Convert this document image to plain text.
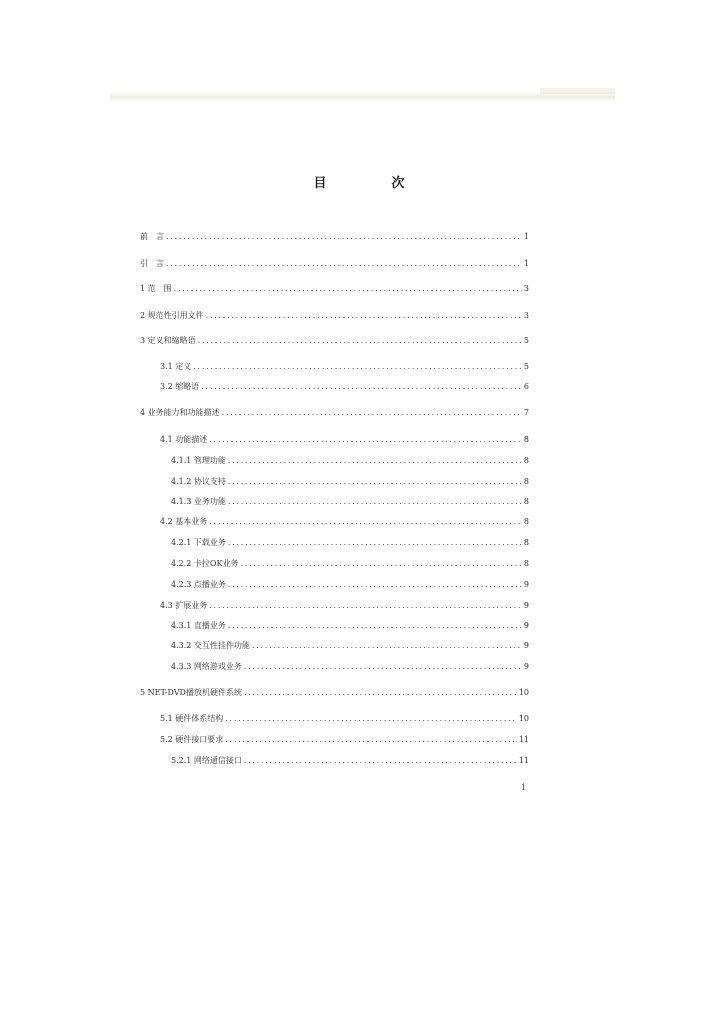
目　次
前　言 . . .	1
引　言 . . .	1
1 范　围 . . .	3
2 规范性引用文件 . . .	3
3 定义和缩略语 . . .	5
3.1 定义 . . .	5
3.2 缩略语 . . .	6
4 业务能力和功能描述 . . .	7
4.1 功能描述 . . .	8
4.1.1 管理功能 . . .	8
4.1.2 协议支持 . . .	8
4.1.3 业务功能 . . .	8
4.2 基本业务 . . .	8
4.2.1 下载业务 . . .	8
4.2.2 卡拉OK业务 . . .	8
4.2.3 点播业务 . . .	9
4.3 扩展业务 . . .	9
4.3.1 直播业务 . . .	9
4.3.2 交互性挂件功能 . . .	9
4.3.3 网络游戏业务 . . .	9
5 NET-DVD播放机硬件系统 . . .	10
5.1 硬件体系结构 . . .	10
5.2 硬件接口要求 . . .	11
5.2.1 网络通信接口 . . .	11
1
